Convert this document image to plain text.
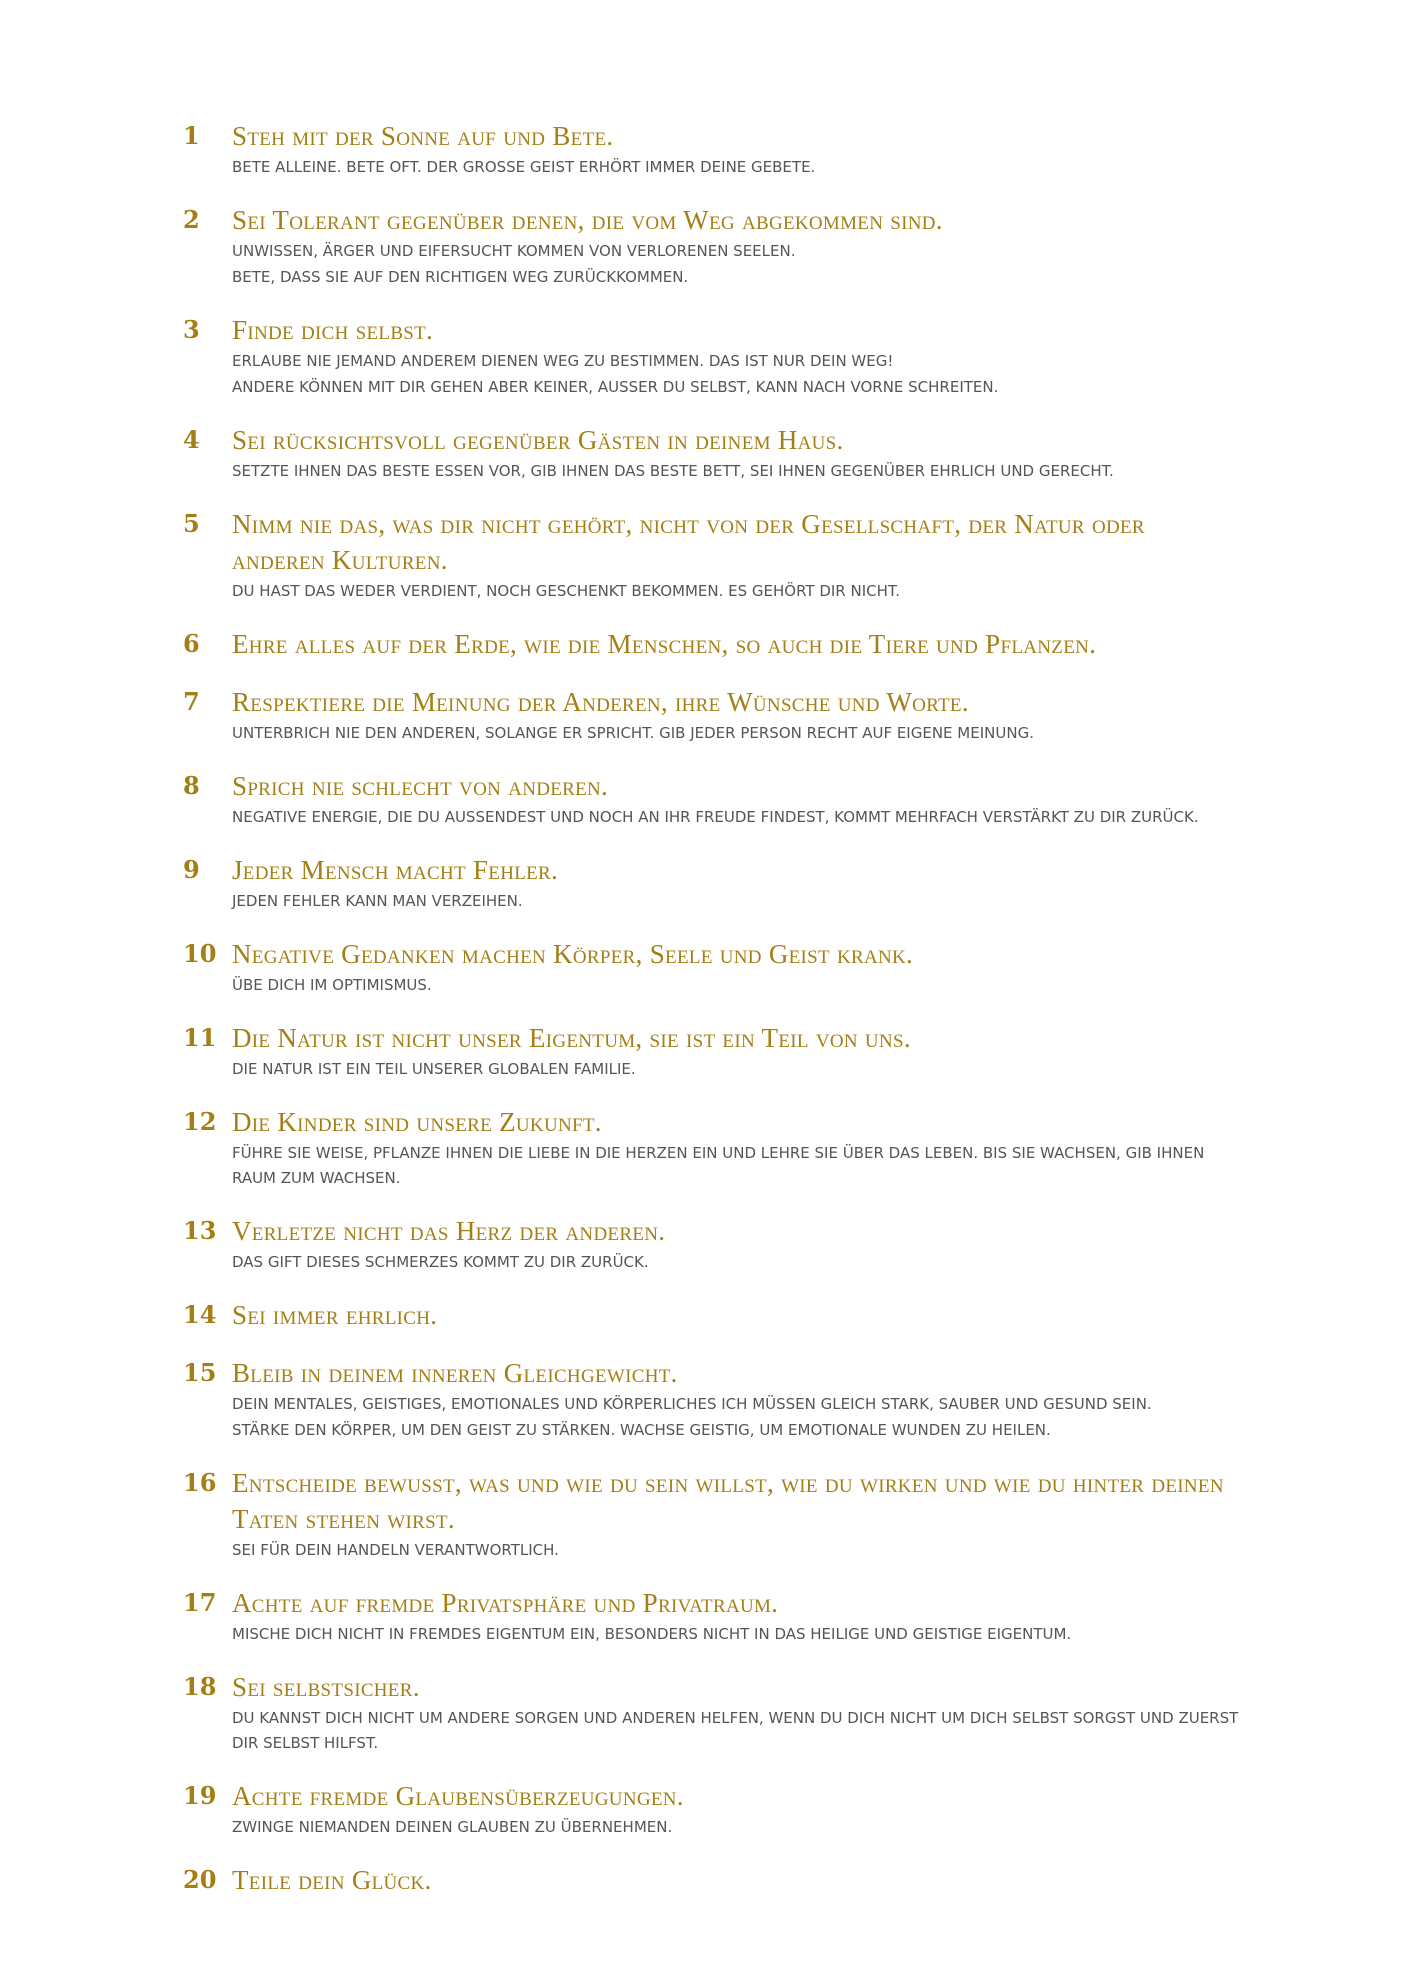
1	Steh mit der Sonne auf und Bete.
BETE ALLEINE. BETE OFT. DER GROSSE GEIST ERHÖRT IMMER DEINE GEBETE.
2	Sei Tolerant gegenüber denen, die vom Weg abgekommen sind.
UNWISSEN, ÄRGER UND EIFERSUCHT KOMMEN VON VERLORENEN SEELEN.
BETE, DASS SIE AUF DEN RICHTIGEN WEG ZURÜCKKOMMEN.
3	Finde dich selbst.
ERLAUBE NIE JEMAND ANDEREM DIENEN WEG ZU BESTIMMEN. DAS IST NUR DEIN WEG!
ANDERE KÖNNEN MIT DIR GEHEN ABER KEINER, AUSSER DU SELBST, KANN NACH VORNE SCHREITEN.
4	Sei rücksichtsvoll gegenüber Gästen in deinem Haus.
SETZTE IHNEN DAS BESTE ESSEN VOR, GIB IHNEN DAS BESTE BETT, SEI IHNEN GEGENÜBER EHRLICH UND GERECHT.
5	Nimm nie das, was dir nicht gehört, nicht von der Gesellschaft, der Natur oder anderen Kulturen.
DU HAST DAS WEDER VERDIENT, NOCH GESCHENKT BEKOMMEN. ES GEHÖRT DIR NICHT.
6	Ehre alles auf der Erde, wie die Menschen, so auch die Tiere und Pflanzen.
7	Respektiere die Meinung der Anderen, ihre Wünsche und Worte.
UNTERBRICH NIE DEN ANDEREN, SOLANGE ER SPRICHT. GIB JEDER PERSON RECHT AUF EIGENE MEINUNG.
8	Sprich nie schlecht von anderen.
NEGATIVE ENERGIE, DIE DU AUSSENDEST UND NOCH AN IHR FREUDE FINDEST, KOMMT MEHRFACH VERSTÄRKT ZU DIR ZURÜCK.
9	Jeder Mensch macht Fehler.
JEDEN FEHLER KANN MAN VERZEIHEN.
10 Negative Gedanken machen Körper, Seele und Geist krank.
ÜBE DICH IM OPTIMISMUS.
11 Die Natur ist nicht unser Eigentum, sie ist ein Teil von uns.
DIE NATUR IST EIN TEIL UNSERER GLOBALEN FAMILIE.
12 Die Kinder sind unsere Zukunft.
FÜHRE SIE WEISE, PFLANZE IHNEN DIE LIEBE IN DIE HERZEN EIN UND LEHRE SIE ÜBER DAS LEBEN. BIS SIE WACHSEN, GIB IHNEN RAUM ZUM WACHSEN.
13 Verletze nicht das Herz der anderen.
DAS GIFT DIESES SCHMERZES KOMMT ZU DIR ZURÜCK.
14 Sei immer ehrlich.
15 Bleib in deinem inneren Gleichgewicht.
DEIN MENTALES, GEISTIGES, EMOTIONALES UND KÖRPERLICHES ICH MÜSSEN GLEICH STARK, SAUBER UND GESUND SEIN.
STÄRKE DEN KÖRPER, UM DEN GEIST ZU STÄRKEN. WACHSE GEISTIG, UM EMOTIONALE WUNDEN ZU HEILEN.
16 Entscheide bewusst, was und wie du sein willst, wie du wirken und wie du hinter deinen Taten stehen wirst.
SEI FÜR DEIN HANDELN VERANTWORTLICH.
17 Achte auf fremde Privatsphäre und Privatraum.
MISCHE DICH NICHT IN FREMDES EIGENTUM EIN, BESONDERS NICHT IN DAS HEILIGE UND GEISTIGE EIGENTUM.
18 Sei selbstsicher.
DU KANNST DICH NICHT UM ANDERE SORGEN UND ANDEREN HELFEN, WENN DU DICH NICHT UM DICH SELBST SORGST UND ZUERST DIR SELBST HILFST.
19 Achte fremde Glaubensüberzeugungen.
ZWINGE NIEMANDEN DEINEN GLAUBEN ZU ÜBERNEHMEN.
20 Teile dein Glück.
